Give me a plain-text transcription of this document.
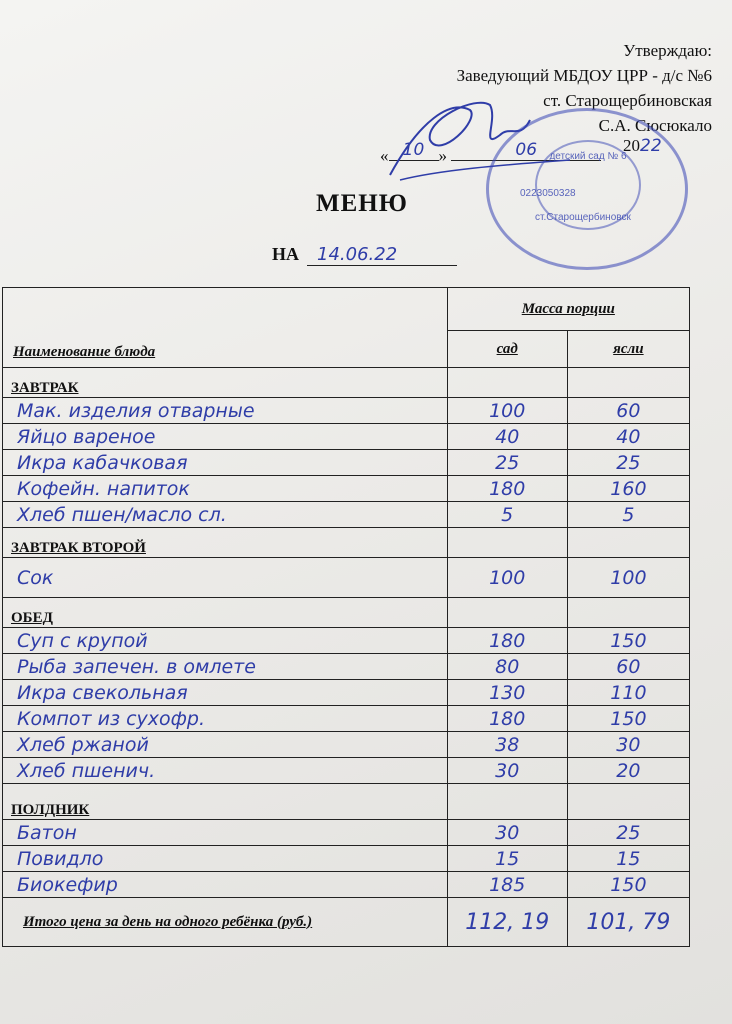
Утверждаю:
Заведующий МБДОУ ЦРР - д/с №6
ст. Старощербиновская
С.А. Сюсюкало
« 10 »	06	2022
детский сад № 6
0223050328
ст.Старощербиновск
МЕНЮ
НА 14.06.22
Наименование блюда	Масса порции	
	сад	ясли
ЗАВТРАК		
Мак. изделия отварные	100	60
Яйцо вареное	40	40
Икра кабачковая	25	25
Кофейн. напиток	180	160
Хлеб пшен/масло сл.	5	5
ЗАВТРАК ВТОРОЙ		
Сок	100	100
ОБЕД		
Суп с крупой	180	150
Рыба запечен. в омлете	80	60
Икра свекольная	130	110
Компот из сухофр.	180	150
Хлеб ржаной	38	30
Хлеб пшенич.	30	20
ПОЛДНИК		
Батон	30	25
Повидло	15	15
Биокефир	185	150
Итого цена за день на одного ребёнка (руб.)	112, 19	101, 79
